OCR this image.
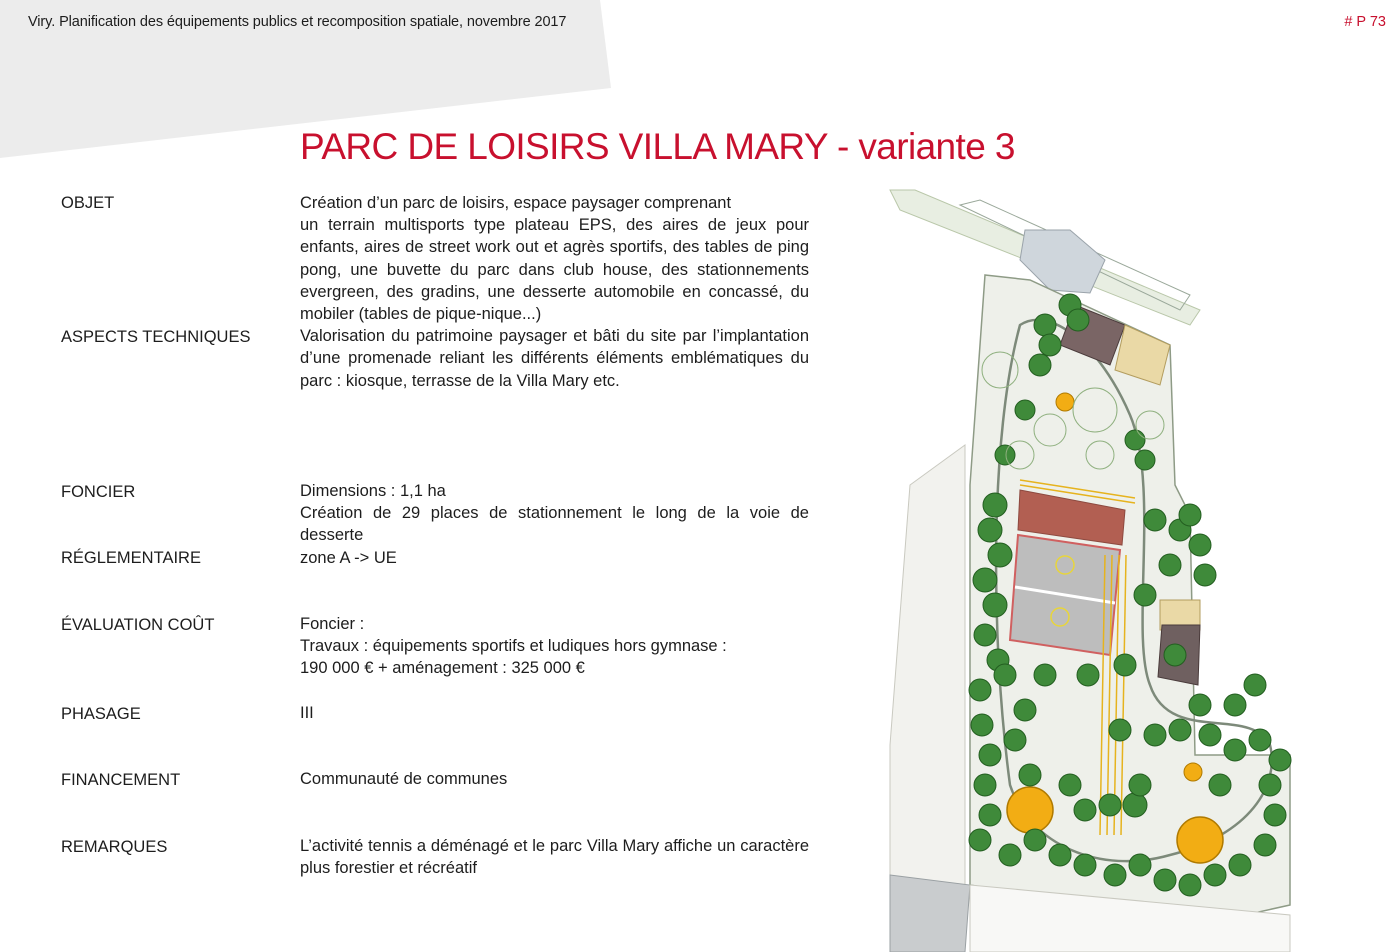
Viry. Planification des équipements publics et recomposition spatiale, novembre 2017	# P 73
PARC DE LOISIRS VILLA MARY - variante 3
OBJET
ASPECTS TECHNIQUES
FONCIER
RÉGLEMENTAIRE
ÉVALUATION COÛT
PHASAGE
FINANCEMENT
REMARQUES

Création d’un parc de loisirs, espace paysager comprenant

un terrain multisports type plateau EPS, des aires de jeux pour enfants, aires de street work out et agrès sportifs, des tables de ping pong, une buvette du parc dans club house, des stationnements evergreen, des gradins, une desserte automobile en concassé, du mobiler (tables de pique-nique...)

Valorisation du patrimoine paysager et bâti du site par l’implantation d’une promenade reliant les différents éléments emblématiques du parc : kiosque, terrasse de la Villa Mary etc.

Dimensions : 1,1 ha

Création de 29 places de stationnement le long de la voie de desserte

zone A -> UE

Foncier :

Travaux : équipements sportifs et ludiques hors gymnase :

190 000 € + aménagement : 325 000 €

III

Communauté de communes

L’activité tennis a déménagé et le parc Villa Mary affiche un caractère plus forestier et récréatif
